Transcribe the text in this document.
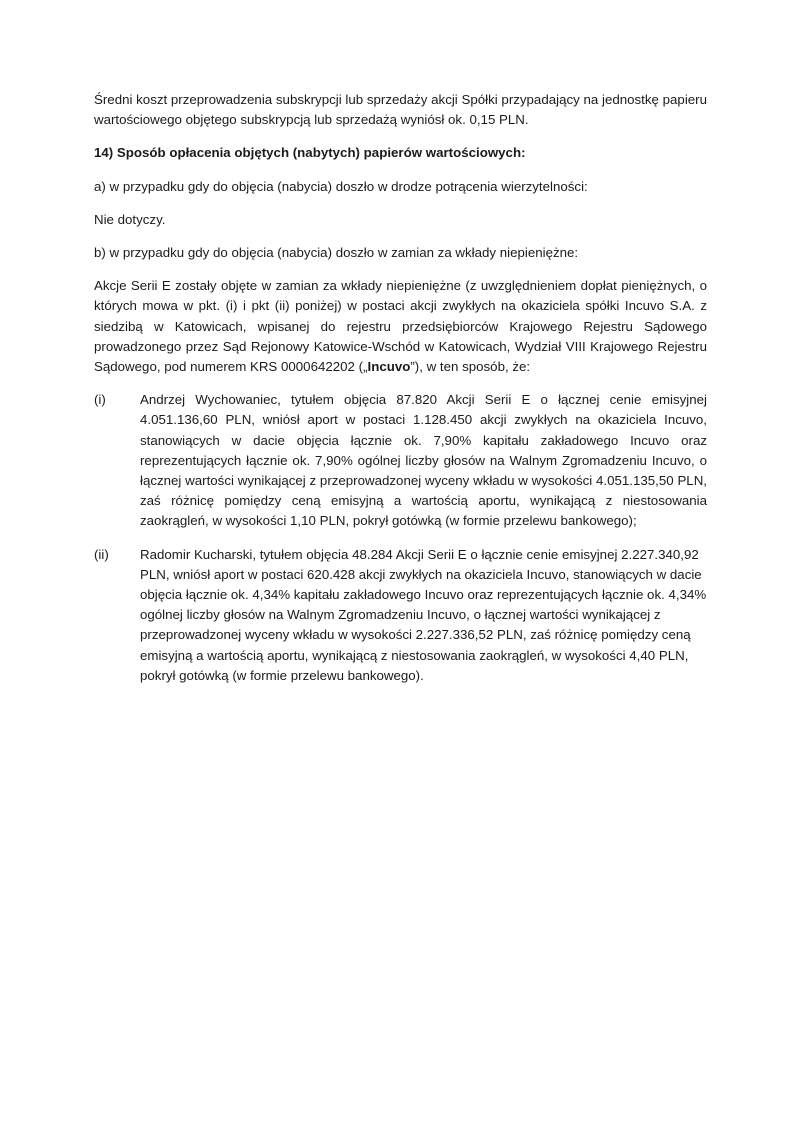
Średni koszt przeprowadzenia subskrypcji lub sprzedaży akcji Spółki przypadający na jednostkę papieru wartościowego objętego subskrypcją lub sprzedażą wyniósł ok. 0,15 PLN.

14) Sposób opłacenia objętych (nabytych) papierów wartościowych:

a) w przypadku gdy do objęcia (nabycia) doszło w drodze potrącenia wierzytelności:

Nie dotyczy.

b) w przypadku gdy do objęcia (nabycia) doszło w zamian za wkłady niepieniężne:

Akcje Serii E zostały objęte w zamian za wkłady niepieniężne (z uwzględnieniem dopłat pieniężnych, o których mowa w pkt. (i) i pkt (ii) poniżej) w postaci akcji zwykłych na okaziciela spółki Incuvo S.A. z siedzibą w Katowicach, wpisanej do rejestru przedsiębiorców Krajowego Rejestru Sądowego prowadzonego przez Sąd Rejonowy Katowice-Wschód w Katowicach, Wydział VIII Krajowego Rejestru Sądowego, pod numerem KRS 0000642202 („Incuvo”), w ten sposób, że:

(i)	Andrzej Wychowaniec, tytułem objęcia 87.820 Akcji Serii E o łącznej cenie emisyjnej 4.051.136,60 PLN, wniósł aport w postaci 1.128.450 akcji zwykłych na okaziciela Incuvo, stanowiących w dacie objęcia łącznie ok. 7,90% kapitału zakładowego Incuvo oraz reprezentujących łącznie ok. 7,90% ogólnej liczby głosów na Walnym Zgromadzeniu Incuvo, o łącznej wartości wynikającej z przeprowadzonej wyceny wkładu w wysokości 4.051.135,50 PLN, zaś różnicę pomiędzy ceną emisyjną a wartością aportu, wynikającą z niestosowania zaokrągleń, w wysokości 1,10 PLN, pokrył gotówką (w formie przelewu bankowego);
(ii)	Radomir Kucharski, tytułem objęcia 48.284 Akcji Serii E o łącznie cenie emisyjnej 2.227.340,92 PLN, wniósł aport w postaci 620.428 akcji zwykłych na okaziciela Incuvo, stanowiących w dacie objęcia łącznie ok. 4,34% kapitału zakładowego Incuvo oraz reprezentujących łącznie ok. 4,34% ogólnej liczby głosów na Walnym Zgromadzeniu Incuvo, o łącznej wartości wynikającej z przeprowadzonej wyceny wkładu w wysokości 2.227.336,52 PLN, zaś różnicę pomiędzy ceną emisyjną a wartością aportu, wynikającą z niestosowania zaokrągleń, w wysokości 4,40 PLN, pokrył gotówką (w formie przelewu bankowego).
